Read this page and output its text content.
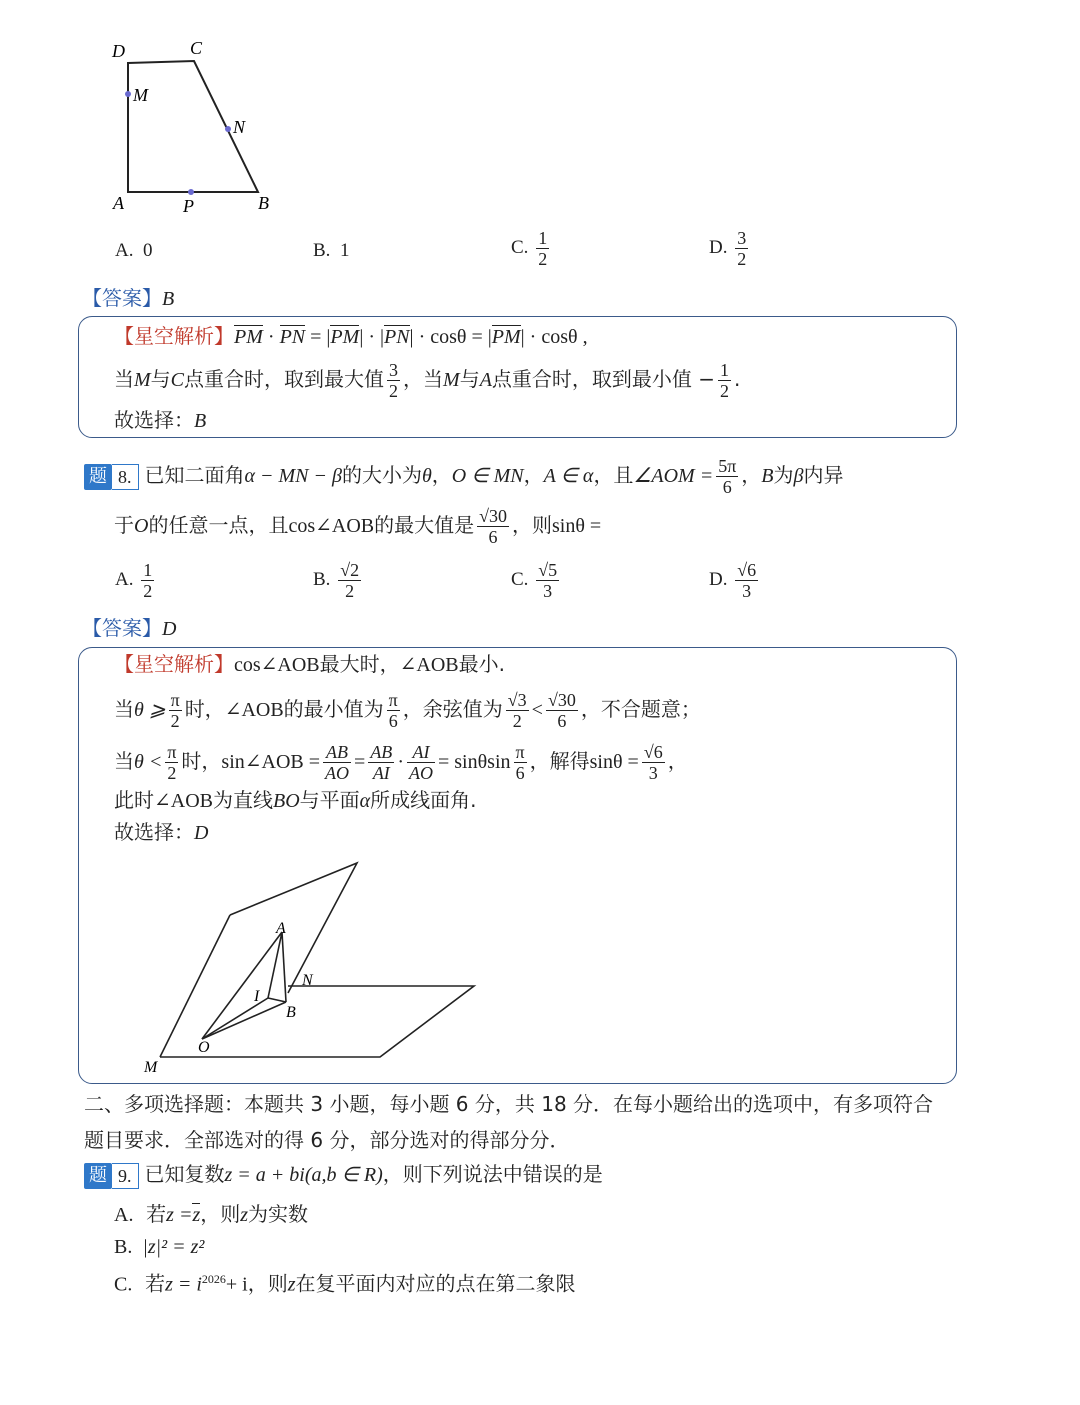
D	C
M
N
A	P	B
A. 0	B. 1	C. $\frac{1}{2}$	D. $\frac{3}{2}$
【答案】B
【星空解析】PM · PN = |PM| · |PN| · cosθ = |PM| · cosθ ,
当M与C点重合时，取到最大值 $\frac{3}{2}$ ，当M与A点重合时，取到最小值 − $\frac{1}{2}$ .
故选择：B
题 8. 已知二面角α − MN − β的大小为θ，O ∈ MN，A ∈ α，且∠AOM = $\frac{5\pi}{6}$ ，B为β内异
于O的任意一点，且cos∠AOB的最大值是 $\frac{√30}{6}$ ，则sinθ =
A. $\frac{1}{2}$	B. $\frac{√2}{2}$	C. $\frac{√5}{3}$	D. $\frac{√6}{3}$
【答案】D
【星空解析】cos∠AOB最大时，∠AOB最小.
当θ ⩾ $\frac{\pi}{2}$ 时，∠AOB的最小值为 $\frac{\pi}{6}$ ，余弦值为 $\frac{√3}{2} < \frac{√30}{6}$ ，不合题意；
当$\theta < \frac{\pi}{2}$ 时，sin∠AOB = $\frac{AB}{AO} = \frac{AB}{AI} \cdot \frac{AI}{AO} = \sin\theta\sin \frac{\pi}{6}$ ，解得$\sin\theta = \frac{√6}{3}$ ，
此时∠AOB为直线BO与平面α所成线面角.
故选择：D
A
N
I
B
O
M
二、多项选择题：本题共 3 小题，每小题 6 分，共 18 分．在每小题给出的选项中，有多项符合
题目要求．全部选对的得 6 分，部分选对的得部分分．
题 9. 已知复数z = a + bi(a,b ∈ R)，则下列说法中错误的是
A. 若z =z，则z为实数
B. |z|² = z²
C. 若$z = i^{2026}+ i$，则z在复平面内对应的点在第二象限
